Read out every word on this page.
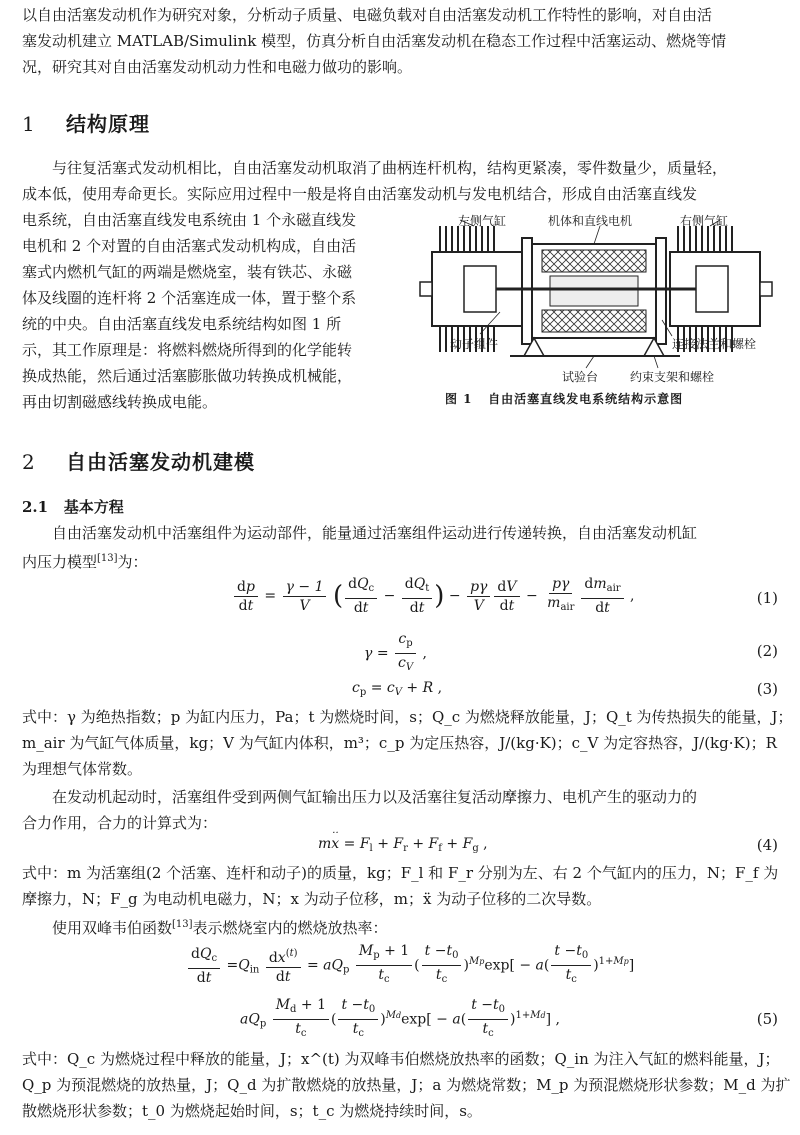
以自由活塞发动机作为研究对象，分析动子质量、电磁负载对自由活塞发动机工作特性的影响，对自由活
塞发动机建立 MATLAB/Simulink 模型，仿真分析自由活塞发动机在稳态工作过程中活塞运动、燃烧等情
况，研究其对自由活塞发动机动力性和电磁力做功的影响。
1 结构原理
与往复活塞式发动机相比，自由活塞发动机取消了曲柄连杆机构，结构更紧凑，零件数量少，质量轻，
成本低，使用寿命更长。实际应用过程中一般是将自由活塞发动机与发电机结合，形成自由活塞直线发
电系统，自由活塞直线发电系统由 1 个永磁直线发
电机和 2 个对置的自由活塞式发动机构成，自由活
塞式内燃机气缸的两端是燃烧室，装有铁芯、永磁
体及线圈的连杆将 2 个活塞连成一体，置于整个系
统的中央。自由活塞直线发电系统结构如图 1 所
示，其工作原理是：将燃料燃烧所得到的化学能转
换成热能，然后通过活塞膨胀做功转换成机械能，
再由切割磁感线转换成电能。
左侧气缸	机体和直线电机	右侧气缸
动子组件	连接法兰和螺栓
试验台	约束支架和螺栓
图 1 自由活塞直线发电系统结构示意图
2 自由活塞发动机建模
2.1 基本方程
自由活塞发动机中活塞组件为运动部件，能量通过活塞组件运动进行传递转换，自由活塞发动机缸
内压力模型[13]为：
$\frac{dp}{dt} = \frac{\gamma - 1}{V}$ ( $\frac{dQ_c}{dt} - \frac{dQ_t}{dt}$ ) − $\frac{p\gamma}{V} \frac{dV}{dt} - \frac{p\gamma}{m_{air}} \frac{dm_{air}}{dt}$ ,	(1)
$\gamma = \frac{c_p}{c_V}$ ,	(2)
$c_p = c_V + R$ ,	(3)
式中：γ 为绝热指数；p 为缸内压力，Pa；t 为燃烧时间，s；Q_c 为燃烧释放能量，J；Q_t 为传热损失的能量，J；
m_air 为气缸气体质量，kg；V 为气缸内体积，m³；c_p 为定压热容，J/(kg·K)；c_V 为定容热容，J/(kg·K)；R
为理想气体常数。
在发动机起动时，活塞组件受到两侧气缸输出压力以及活塞往复活动摩擦力、电机产生的驱动力的
合力作用，合力的计算式为：
mx
··
= $F_l + F_r + F_f + F_g$ ,	(4)
式中：m 为活塞组(2 个活塞、连杆和动子)的质量，kg；F_l 和 F_r 分别为左、右 2 个气缸内的压力，N；F_f 为
摩擦力，N；F_g 为电动机电磁力，N；x 为动子位移，m；ẍ 为动子位移的二次导数。
使用双峰韦伯函数[13]表示燃烧室内的燃烧放热率：
$\frac{dQ_c}{dt} =Q_{in} \frac{dx^{(t)}}{dt} = aQ_p \frac{M_p + 1}{t_c}$ ( $\frac{t -t_0}{t_c} )^{Mp}\exp[ - a( \frac{t -t_0}{t_c} )^{1+Mp}]$
$aQ_p \frac{M_d + 1}{t_c}$ ( $\frac{t -t_0}{t_c} )^{Md}\exp[ - a( \frac{t -t_0}{t_c} )^{1+Md}]$ ,	(5)
式中：Q_c 为燃烧过程中释放的能量，J；x^(t) 为双峰韦伯燃烧放热率的函数；Q_in 为注入气缸的燃料能量，J；
Q_p 为预混燃烧的放热量，J；Q_d 为扩散燃烧的放热量，J；a 为燃烧常数；M_p 为预混燃烧形状参数；M_d 为扩
散燃烧形状参数；t_0 为燃烧起始时间，s；t_c 为燃烧持续时间，s。
